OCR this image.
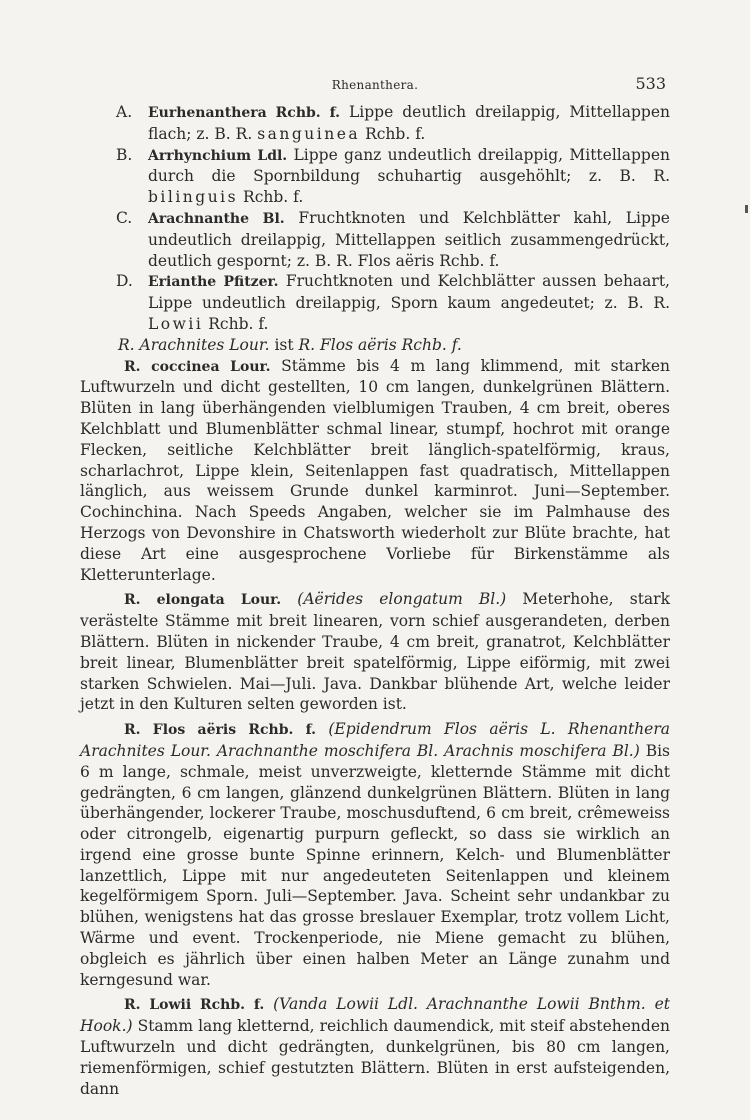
Rhenanthera.	533
A.	Eurhenanthera Rchb. f. Lippe deutlich dreilappig, Mittellappen flach; z. B. R. sanguinea Rchb. f.
B.	Arrhynchium Ldl. Lippe ganz undeutlich dreilappig, Mittellappen durch die Spornbildung schuhartig ausgehöhlt; z. B. R. bilinguis Rchb. f.
C.	Arachnanthe Bl. Fruchtknoten und Kelchblätter kahl, Lippe undeutlich dreilappig, Mittellappen seitlich zusammengedrückt, deutlich gespornt; z. B. R. Flos aëris Rchb. f.
D.	Erianthe Pfitzer. Fruchtknoten und Kelchblätter aussen behaart, Lippe undeutlich dreilappig, Sporn kaum angedeutet; z. B. R. Lowii Rchb. f.
R. Arachnites Lour. ist R. Flos aëris Rchb. f.

R. coccinea Lour. Stämme bis 4 m lang klimmend, mit starken Luftwurzeln und dicht gestellten, 10 cm langen, dunkelgrünen Blättern. Blüten in lang überhängenden vielblumigen Trauben, 4 cm breit, oberes Kelchblatt und Blumenblätter schmal linear, stumpf, hochrot mit orange Flecken, seitliche Kelchblätter breit länglich-spatelförmig, kraus, scharlachrot, Lippe klein, Seitenlappen fast quadratisch, Mittellappen länglich, aus weissem Grunde dunkel karminrot. Juni—September. Cochinchina. Nach Speeds Angaben, welcher sie im Palmhause des Herzogs von Devonshire in Chatsworth wiederholt zur Blüte brachte, hat diese Art eine ausgesprochene Vorliebe für Birkenstämme als Kletterunterlage.

R. elongata Lour. (Aërides elongatum Bl.) Meterhohe, stark verästelte Stämme mit breit linearen, vorn schief ausgerandeten, derben Blättern. Blüten in nickender Traube, 4 cm breit, granatrot, Kelchblätter breit linear, Blumenblätter breit spatelförmig, Lippe eiförmig, mit zwei starken Schwielen. Mai—Juli. Java. Dankbar blühende Art, welche leider jetzt in den Kulturen selten geworden ist.

R. Flos aëris Rchb. f. (Epidendrum Flos aëris L. Rhenanthera Arachnites Lour. Arachnanthe moschifera Bl. Arachnis moschifera Bl.) Bis 6 m lange, schmale, meist unverzweigte, kletternde Stämme mit dicht gedrängten, 6 cm langen, glänzend dunkelgrünen Blättern. Blüten in lang überhängender, lockerer Traube, moschusduftend, 6 cm breit, crêmeweiss oder citrongelb, eigenartig purpurn gefleckt, so dass sie wirklich an irgend eine grosse bunte Spinne erinnern, Kelch- und Blumenblätter lanzettlich, Lippe mit nur angedeuteten Seitenlappen und kleinem kegelförmigem Sporn. Juli—September. Java. Scheint sehr undankbar zu blühen, wenigstens hat das grosse breslauer Exemplar, trotz vollem Licht, Wärme und event. Trockenperiode, nie Miene gemacht zu blühen, obgleich es jährlich über einen halben Meter an Länge zunahm und kerngesund war.

R. Lowii Rchb. f. (Vanda Lowii Ldl. Arachnanthe Lowii Bnthm. et Hook.) Stamm lang kletternd, reichlich daumendick, mit steif abstehenden Luftwurzeln und dicht gedrängten, dunkelgrünen, bis 80 cm langen, riemenförmigen, schief gestutzten Blättern. Blüten in erst aufsteigenden, dann
